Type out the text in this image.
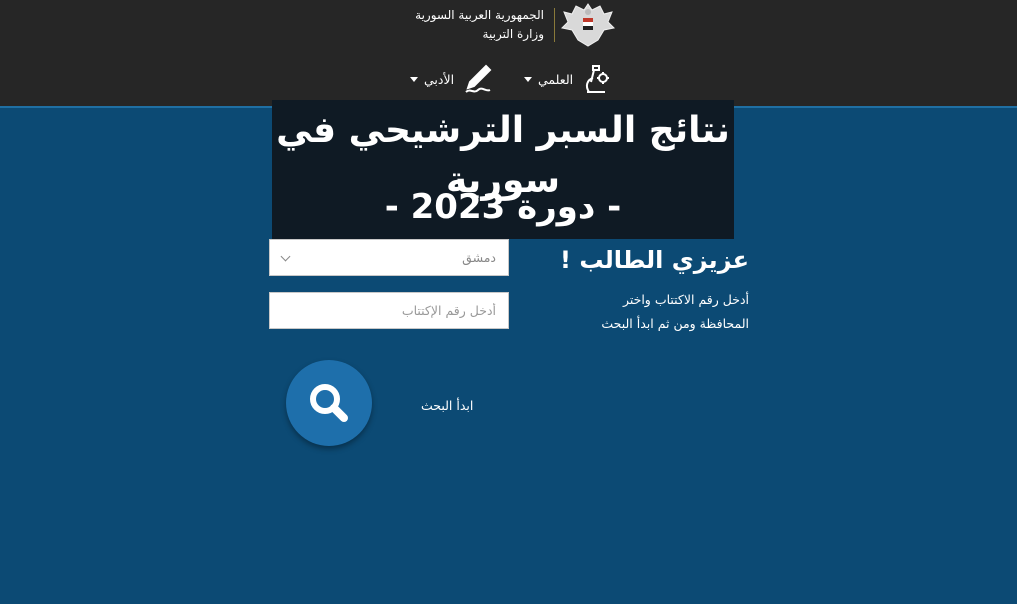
الجمهورية العربية السورية
وزارة التربية
العلمي
الأدبي
نتائج السبر الترشيحي في سورية
- دورة 2023 -
عزيزي الطالب !
أدخل رقم الاكتتاب واختر
المحافظة ومن ثم ابدأ البحث
دمشق
أدخل رقم الإكتتاب
ابدأ البحث
